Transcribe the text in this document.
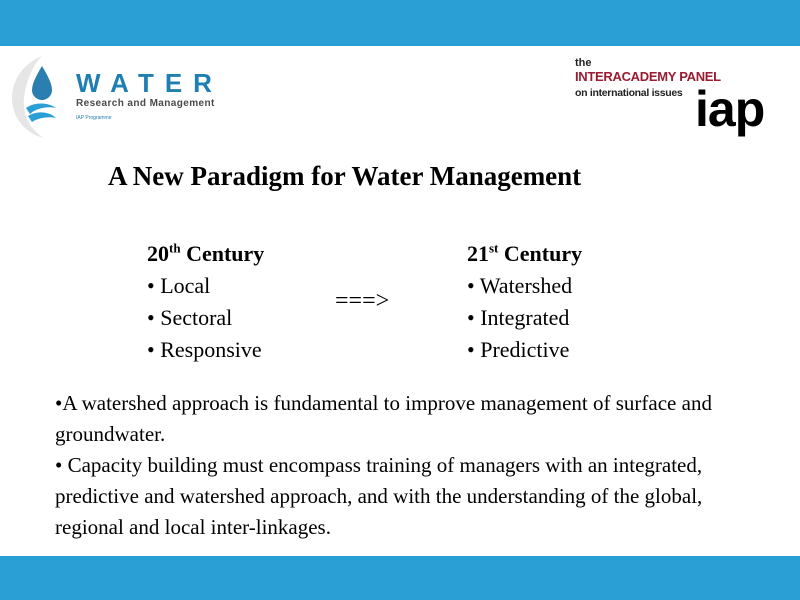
WATER
Research and Management
IAP Programme
the
INTERACADEMY PANEL
on international issues iap
A New Paradigm for Water Management
20th Century
• Local
• Sectoral
• Responsive
===>
21st Century
• Watershed
• Integrated
• Predictive
•A watershed approach is fundamental to improve management of surface and groundwater.
• Capacity building must encompass training of managers with an integrated, predictive and watershed approach, and with the understanding of the global, regional and local inter-linkages.
